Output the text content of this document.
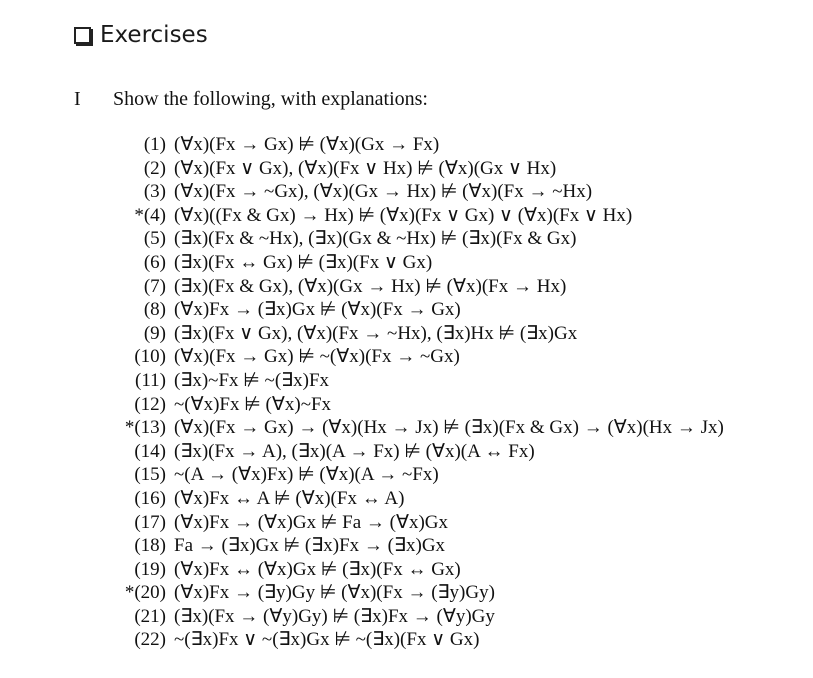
Exercises
I Show the following, with explanations:
(1) (∀x)(Fx → Gx) ⊭ (∀x)(Gx → Fx)
(2) (∀x)(Fx ∨ Gx), (∀x)(Fx ∨ Hx) ⊭ (∀x)(Gx ∨ Hx)
(3) (∀x)(Fx → ~Gx), (∀x)(Gx → Hx) ⊭ (∀x)(Fx → ~Hx)
*(4) (∀x)((Fx & Gx) → Hx) ⊭ (∀x)(Fx ∨ Gx) ∨ (∀x)(Fx ∨ Hx)
(5) (∃x)(Fx & ~Hx), (∃x)(Gx & ~Hx) ⊭ (∃x)(Fx & Gx)
(6) (∃x)(Fx ↔ Gx) ⊭ (∃x)(Fx ∨ Gx)
(7) (∃x)(Fx & Gx), (∀x)(Gx → Hx) ⊭ (∀x)(Fx → Hx)
(8) (∀x)Fx → (∃x)Gx ⊭ (∀x)(Fx → Gx)
(9) (∃x)(Fx ∨ Gx), (∀x)(Fx → ~Hx), (∃x)Hx ⊭ (∃x)Gx
(10) (∀x)(Fx → Gx) ⊭ ~(∀x)(Fx → ~Gx)
(11) (∃x)~Fx ⊭ ~(∃x)Fx
(12) ~(∀x)Fx ⊭ (∀x)~Fx
*(13) (∀x)(Fx → Gx) → (∀x)(Hx → Jx) ⊭ (∃x)(Fx & Gx) → (∀x)(Hx → Jx)
(14) (∃x)(Fx → A), (∃x)(A → Fx) ⊭ (∀x)(A ↔ Fx)
(15) ~(A → (∀x)Fx) ⊭ (∀x)(A → ~Fx)
(16) (∀x)Fx ↔ A ⊭ (∀x)(Fx ↔ A)
(17) (∀x)Fx → (∀x)Gx ⊭ Fa → (∀x)Gx
(18) Fa → (∃x)Gx ⊭ (∃x)Fx → (∃x)Gx
(19) (∀x)Fx ↔ (∀x)Gx ⊭ (∃x)(Fx ↔ Gx)
*(20) (∀x)Fx → (∃y)Gy ⊭ (∀x)(Fx → (∃y)Gy)
(21) (∃x)(Fx → (∀y)Gy) ⊭ (∃x)Fx → (∀y)Gy
(22) ~(∃x)Fx ∨ ~(∃x)Gx ⊭ ~(∃x)(Fx ∨ Gx)
